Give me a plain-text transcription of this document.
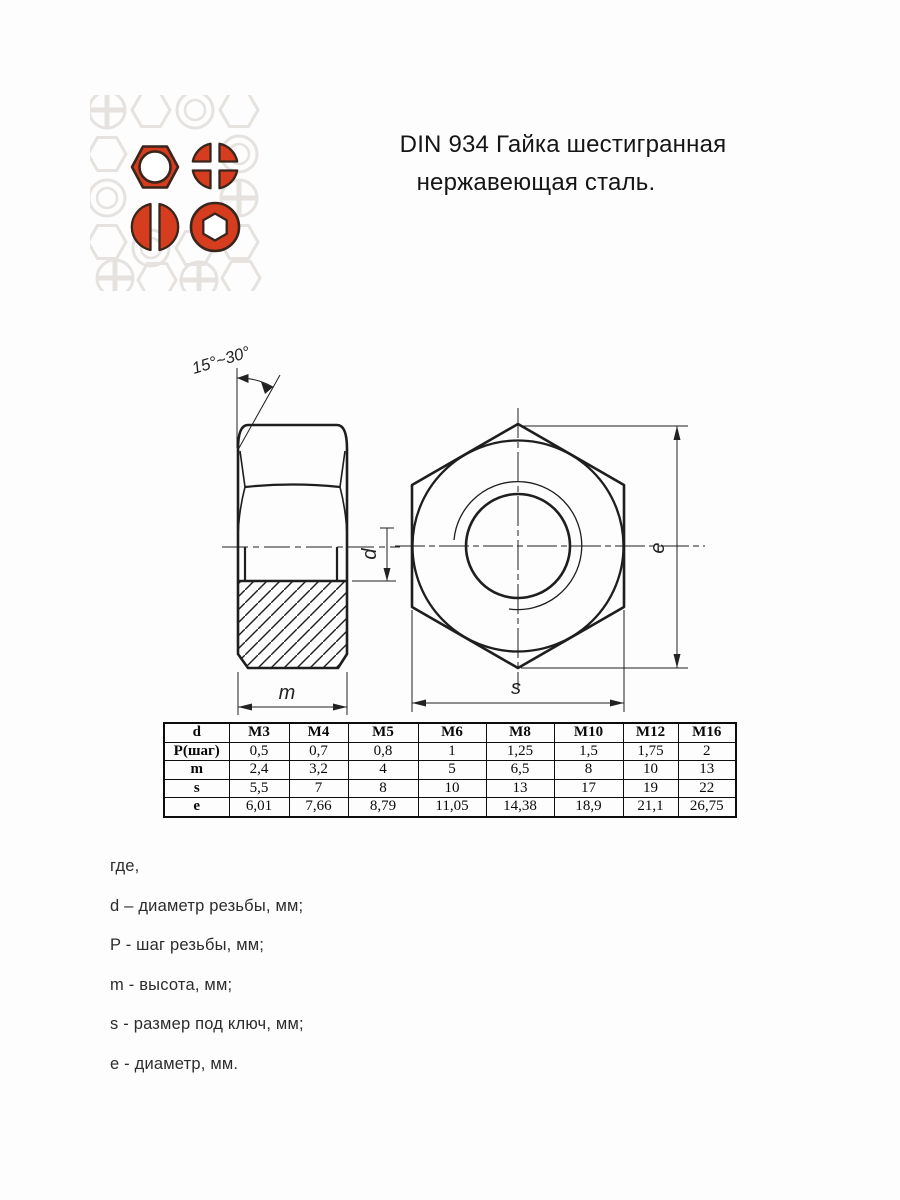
DIN 934 Гайка шестигранная
нержавеющая сталь.
15°~30°
d
m
e
s
d	M3	M4	M5	M6	M8	M10	M12	M16
P(шаг)	0,5	0,7	0,8	1	1,25	1,5	1,75	2
m	2,4	3,2	4	5	6,5	8	10	13
s	5,5	7	8	10	13	17	19	22
e	6,01	7,66	8,79	11,05	14,38	18,9	21,1	26,75
где,
d – диаметр резьбы, мм;
P - шаг резьбы, мм;
m - высота, мм;
s - размер под ключ, мм;
e - диаметр, мм.
